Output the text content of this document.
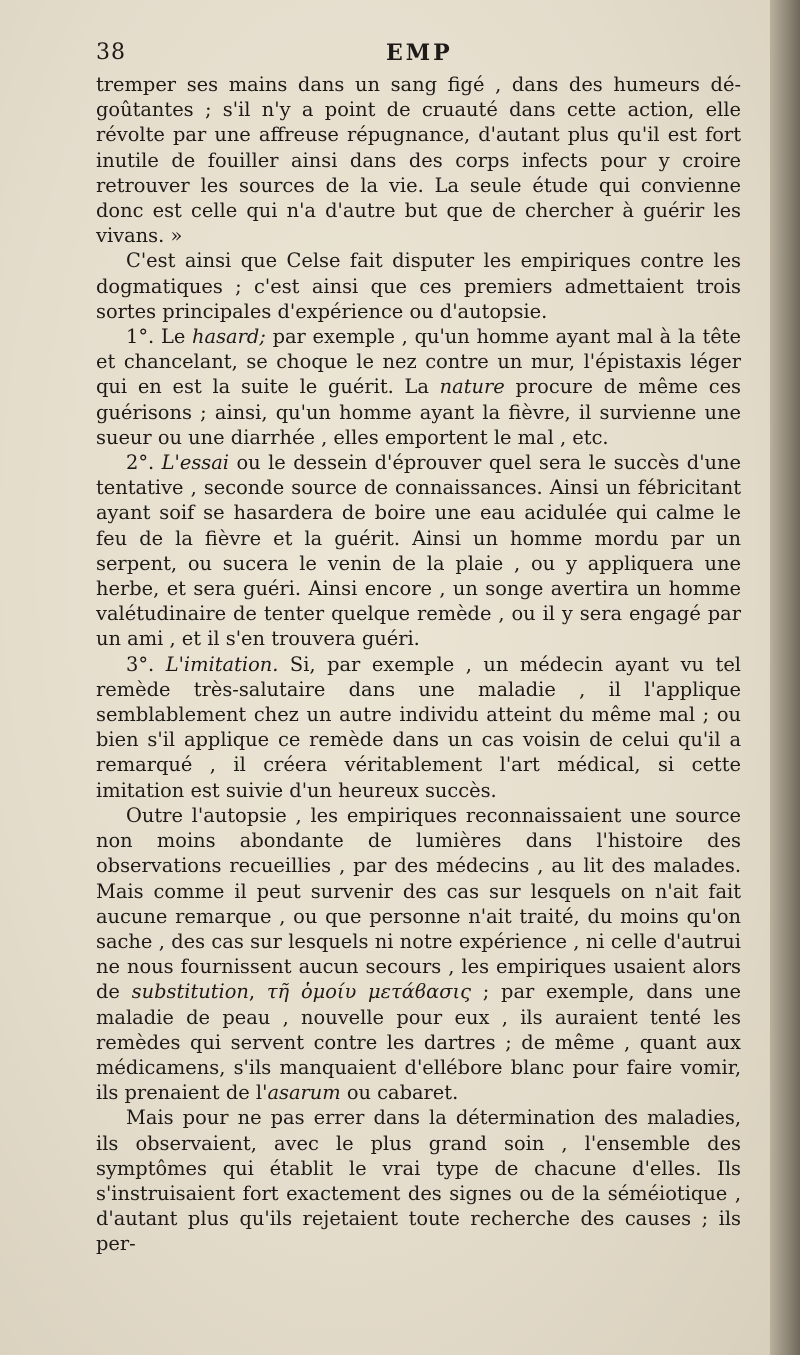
38	EMP

tremper ses mains dans un sang figé , dans des humeurs dé-goûtantes ; s'il n'y a point de cruauté dans cette action, elle révolte par une affreuse répugnance, d'autant plus qu'il est fort inutile de fouiller ainsi dans des corps infects pour y croire retrouver les sources de la vie. La seule étude qui convienne donc est celle qui n'a d'autre but que de chercher à guérir les vivans. »

C'est ainsi que Celse fait disputer les empiriques contre les dogmatiques ; c'est ainsi que ces premiers admettaient trois sortes principales d'expérience ou d'autopsie.

1°. Le hasard; par exemple , qu'un homme ayant mal à la tête et chancelant, se choque le nez contre un mur, l'épistaxis léger qui en est la suite le guérit. La nature procure de même ces guérisons ; ainsi, qu'un homme ayant la fièvre, il survienne une sueur ou une diarrhée , elles emportent le mal , etc.

2°. L'essai ou le dessein d'éprouver quel sera le succès d'une tentative , seconde source de connaissances. Ainsi un fébricitant ayant soif se hasardera de boire une eau acidulée qui calme le feu de la fièvre et la guérit. Ainsi un homme mordu par un serpent, ou sucera le venin de la plaie , ou y appliquera une herbe, et sera guéri. Ainsi encore , un songe avertira un homme valétudinaire de tenter quelque remède , ou il y sera engagé par un ami , et il s'en trouvera guéri.

3°. L'imitation. Si, par exemple , un médecin ayant vu tel remède très-salutaire dans une maladie , il l'applique semblablement chez un autre individu atteint du même mal ; ou bien s'il applique ce remède dans un cas voisin de celui qu'il a remarqué , il créera véritablement l'art médical, si cette imitation est suivie d'un heureux succès.

Outre l'autopsie , les empiriques reconnaissaient une source non moins abondante de lumières dans l'histoire des observations recueillies , par des médecins , au lit des malades. Mais comme il peut survenir des cas sur lesquels on n'ait fait aucune remarque , ou que personne n'ait traité, du moins qu'on sache , des cas sur lesquels ni notre expérience , ni celle d'autrui ne nous fournissent aucun secours , les empiriques usaient alors de substitution, τῆ ὁμοίυ μετάϐασις ; par exemple, dans une maladie de peau , nouvelle pour eux , ils auraient tenté les remèdes qui servent contre les dartres ; de même , quant aux médicamens, s'ils manquaient d'ellébore blanc pour faire vomir, ils prenaient de l'asarum ou cabaret.

Mais pour ne pas errer dans la détermination des maladies, ils observaient, avec le plus grand soin , l'ensemble des symptômes qui établit le vrai type de chacune d'elles. Ils s'instruisaient fort exactement des signes ou de la séméiotique , d'autant plus qu'ils rejetaient toute recherche des causes ; ils per-
